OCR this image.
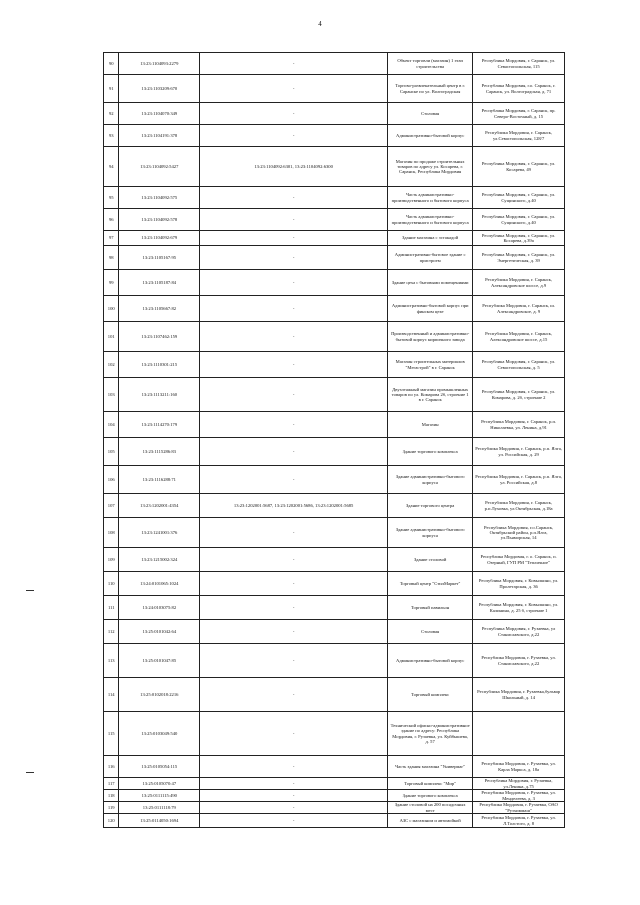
4
90	13:23:1104093:2279	-	Объект торговли (магазин) 1 этап строительства	Республика Мордовия, г. Саранск, ул. Севастопольская, 115
91	13:23:1103209:670	-	Торгово-развлекательный центр в г. Саранске по ул. Волгоградская	Республика Мордовия, г.о. Саранск, г. Саранск, ул. Волгоградская, д. 71
92	13:23:1104070:349	-	Столовая	Республика Мордовия, г. Саранск, пр. Северо-Восточный, д. 15
93	13:23:1104191:378	-	Административно-бытовой корпус	Республика Мордовия, г. Саранск, ул.Севастопольская, 128/7
94	13:23:1104092:5427	13:23:1104092:6301, 13:23:1104092:6300	Магазин по продаже строительных товаров по адресу ул. Косарева, г. Саранск, Республика Мордовия	Республика Мордовия, г. Саранск, ул. Косарева, 49
95	13:23:1104092:575	-	Часть административно-производственного и бытового корпуса	Республика Мордовия, г. Саранск, ул. Сущинского, д.40
96	13:23:1104092:578	-	Часть административно-производственного и бытового корпуса	Республика Мордовия, г. Саранск, ул. Сущинского, д.40
97	13:23:1104092:679	-	Здание магазина с эстакадой	Республика Мордовия, г. Саранск, ул. Косарева, д.39а
98	13:23:1105167:95	-	Административно-бытовое здание с пристроем	Республика Мордовия, г. Саранск, ул. Энергетическая, д. 39
99	13:23:1105187:84	-	Здание цеха с бытовыми помещениями	Республика Мордовия, г. Саранск, Александровское шоссе, д.9
100	13:23:1105667:82	-	Административно-бытовой корпус при финском цехе	Республика Мордовия, г. Саранск, ш. Александровское, д. 9
101	13:23:1107462:159	-	Производственный и административно-бытовой корпус кирпичного завода	Республика Мордовия, г. Саранск, Александровское шоссе, д.15
102	13:23:1110301:215	-	Магазин строительных материалов "Мегастрой" в г. Саранск	Республика Мордовия, г. Саранск, ул. Севастопольская, д. 5
103	13:23:1113211:160	-	Двухэтажный магазин промышленных товаров по ул. Комарова 2б, строение 1 в г. Саранск	Республика Мордовия, г. Саранск, ул. Комарова, д. 2б, строение 2
104	13:23:1114270:179	-	Магазин	Республика Мордовия, г. Саранск, р.п. Николаевка, ул. Ленина, д.91
105	13:23:1115286:83	-	Здание торгового комплекса	Республика Мордовия, г. Саранск, р.п. Ялга, ул. Российская, д. 29
106	13:23:1116288:71	-	Здание административно-бытового корпуса	Республика Мордовия, г. Саранск, р.п. Ялга, ул. Российская, д.8
107	13:23:1202001:4354	13:23:1202001:5687, 13:23:1202001:5686, 13:23:1202001:5685	Здание торгового центра	Республика Мордовия, г. Саранск, р.п.Луховка, ул.Октябрьская, д.18а
108	13:23:1241001:376	-	Здание административно-бытового корпуса	Республика Мордовия, г.о.Саранск, Октябрьский район, р.п.Ялга, ул.Пьяморская, 14
109	13:23:1215002:324	-	Здание столовой	Республика Мордовия, г. о. Саранск, п. Озерный, ГУП РМ "Тепличное"
110	13:24:0101065:1024	-	Торговый центр "СтилМаркет"	Республика Мордовия, г. Ковылкино, ул. Пролетарская, д. 36
111	13:24:0103075:82	-	Торговый павильон	Республика Мордовия, г. Ковылкино, ул. Калинина, д. 25 б, строение 1
112	13:25:0101042:64	-	Столовая	Республика Мордовия, г. Рузаевка, ул Станиславского, д.22
113	13:25:0101047:85	-	Административно-бытовой корпус	Республика Мордовия, г. Рузаевка, ул. Станиславского, д.22
114	13:25:0102018:2216	-	Торговый комплекс	Республика Мордовия, г. Рузаевка,бульвар Школьный, д. 14
115	13:25:0103049:540	-	Технический офисно-административное здание по адресу: Республика Мордовия, г. Рузаевка, ул. Куйбышева, д. 57	
116	13:25:0105054:115	-	Часть здания магазина "Универмаг"	Республика Мордовия, г. Рузаевка, ул. Карла Маркса, д. 18а
117	13:25:0105070:47	-	Торговый комплекс "Мир"	Республика Мордовия, г. Рузаевка, ул.Ленина, д.75
118	13:25:0111115:490	-	Здание торгового комплекса	Республика Мордовия, г. Рузаевка, ул. Менделеева, д. 3
119	13:25:0111118:79	-	Здание столовой на 200 посадочных мест	Республика Мордовия, г. Рузаевка, ОАО "Рузхиммаш"
120	13:25:0114050:1694	-	АЗС с магазином и автомойкой	Республика Мордовия, г. Рузаевка, ул. Л.Толстого, д. 8
